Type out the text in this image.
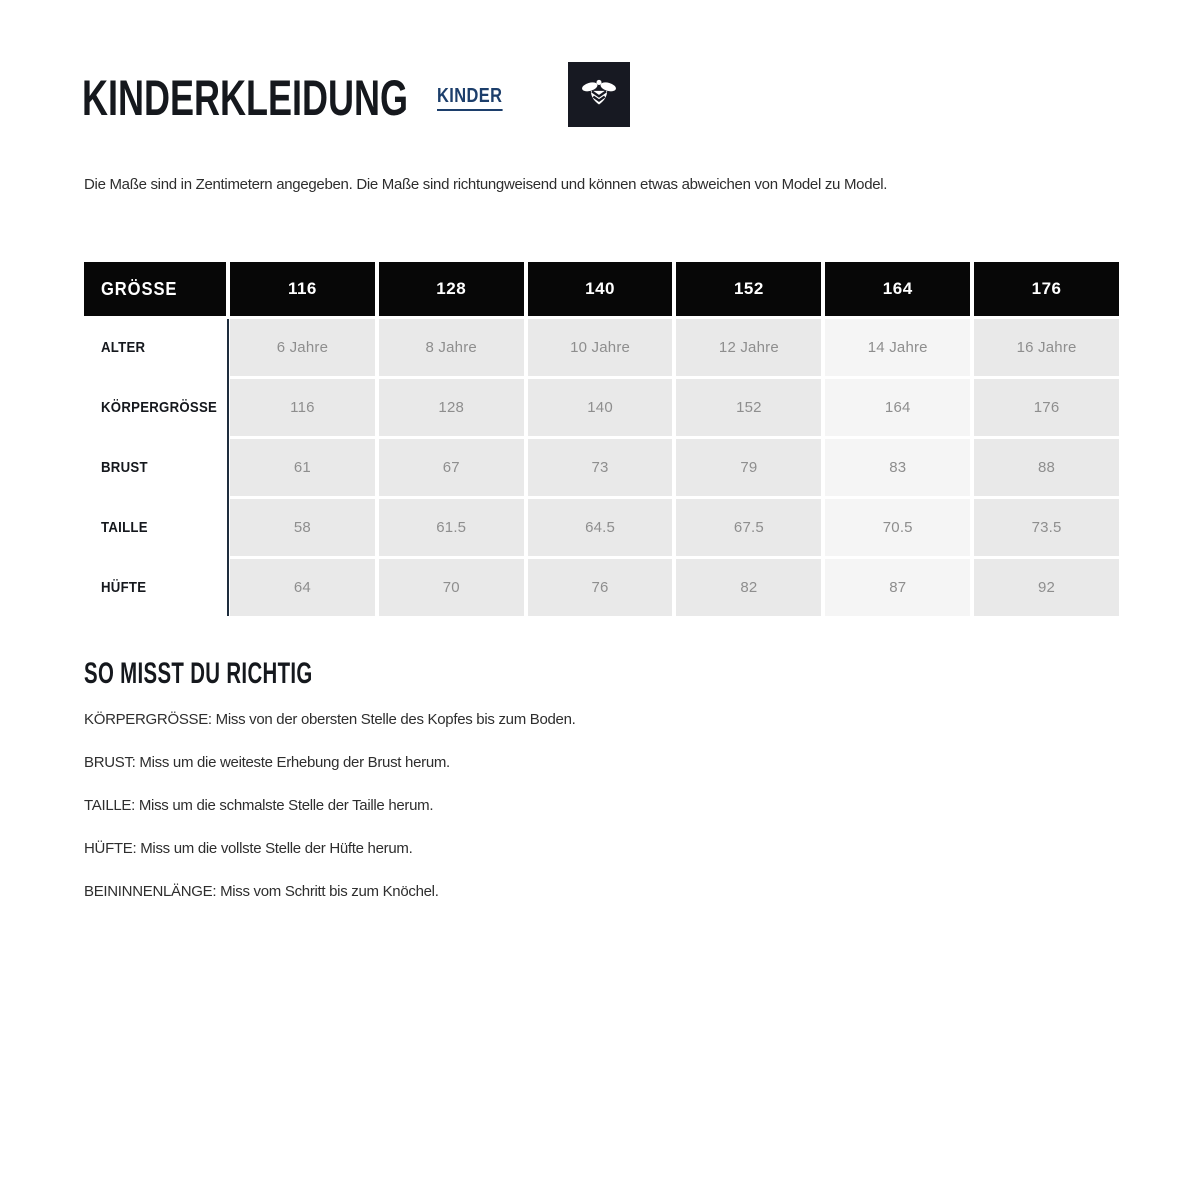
KINDERKLEIDUNG KINDER

Die Maße sind in Zentimetern angegeben. Die Maße sind richtungweisend und können etwas abweichen von Model zu Model.

GRÖSSE	116	128	140	152	164	176
ALTER	6 Jahre	8 Jahre	10 Jahre	12 Jahre	14 Jahre	16 Jahre
KÖRPERGRÖSSE	116	128	140	152	164	176
BRUST	61	67	73	79	83	88
TAILLE	58	61.5	64.5	67.5	70.5	73.5
HÜFTE	64	70	76	82	87	92
SO MISST DU RICHTIG

KÖRPERGRÖSSE: Miss von der obersten Stelle des Kopfes bis zum Boden.

BRUST: Miss um die weiteste Erhebung der Brust herum.

TAILLE: Miss um die schmalste Stelle der Taille herum.

HÜFTE: Miss um die vollste Stelle der Hüfte herum.

BEININNENLÄNGE: Miss vom Schritt bis zum Knöchel.
